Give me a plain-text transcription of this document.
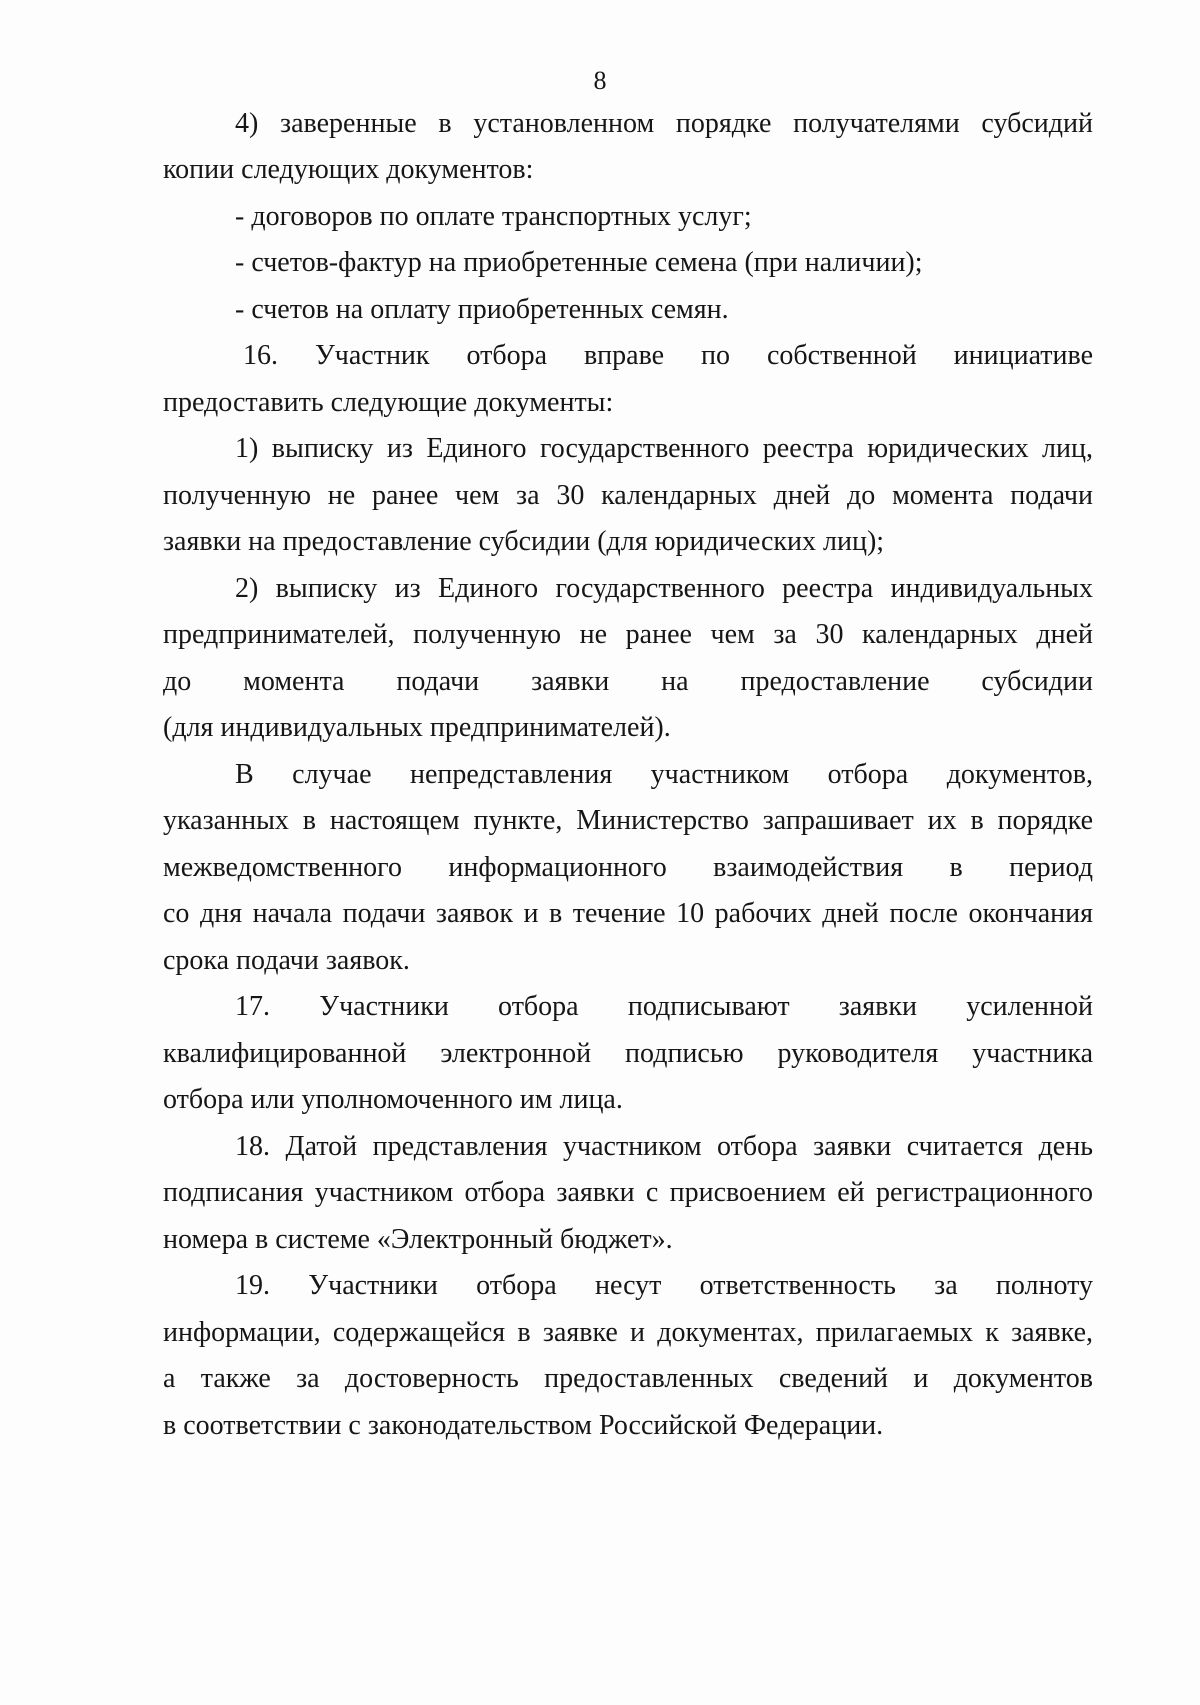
8
4) заверенные в установленном порядке получателями субсидий
копии следующих документов:
- договоров по оплате транспортных услуг;
- счетов-фактур на приобретенные семена (при наличии);
- счетов на оплату приобретенных семян.
16. Участник отбора вправе по собственной инициативе
предоставить следующие документы:
1) выписку из Единого государственного реестра юридических лиц,
полученную не ранее чем за 30 календарных дней до момента подачи
заявки на предоставление субсидии (для юридических лиц);
2) выписку из Единого государственного реестра индивидуальных
предпринимателей, полученную не ранее чем за 30 календарных дней
до момента подачи заявки на предоставление субсидии
(для индивидуальных предпринимателей).
В случае непредставления участником отбора документов,
указанных в настоящем пункте, Министерство запрашивает их в порядке
межведомственного информационного взаимодействия в период
со дня начала подачи заявок и в течение 10 рабочих дней после окончания
срока подачи заявок.
17. Участники отбора подписывают заявки усиленной
квалифицированной электронной подписью руководителя участника
отбора или уполномоченного им лица.
18. Датой представления участником отбора заявки считается день
подписания участником отбора заявки с присвоением ей регистрационного
номера в системе «Электронный бюджет».
19. Участники отбора несут ответственность за полноту
информации, содержащейся в заявке и документах, прилагаемых к заявке,
а также за достоверность предоставленных сведений и документов
в соответствии с законодательством Российской Федерации.
